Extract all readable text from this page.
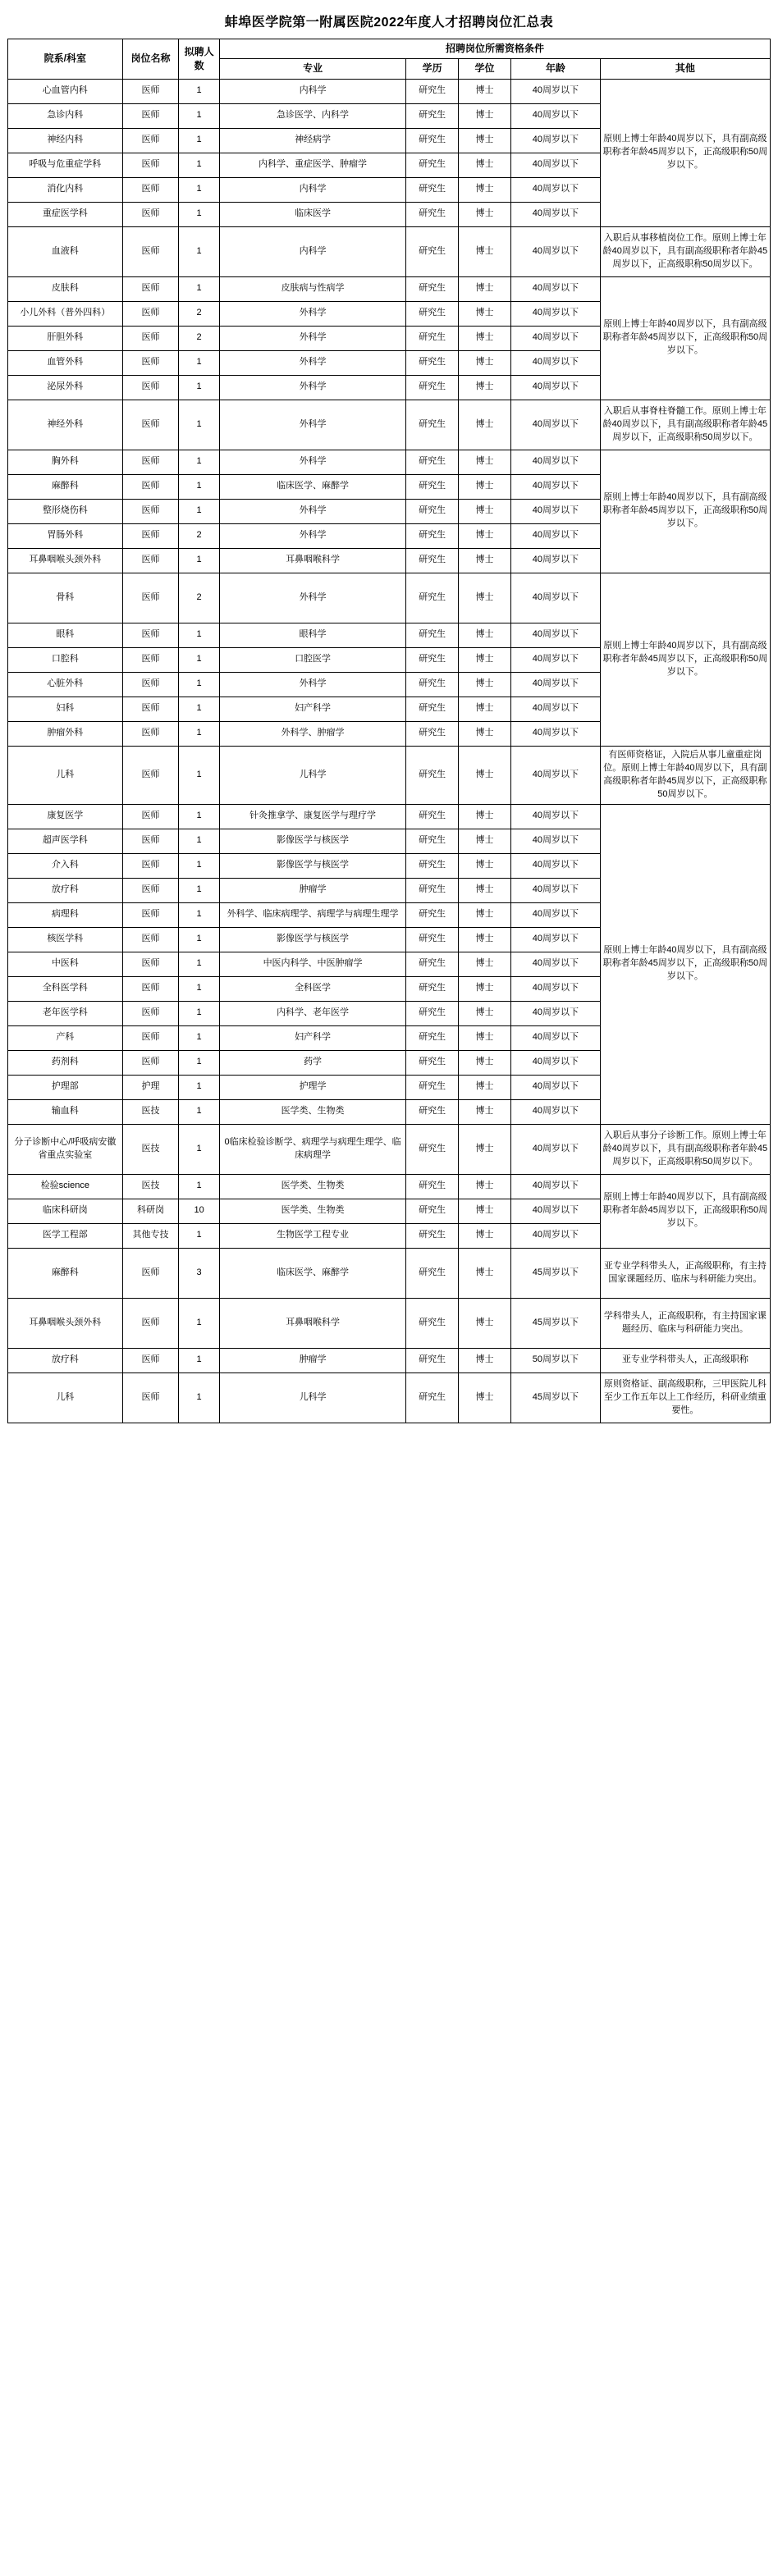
蚌埠医学院第一附属医院2022年度人才招聘岗位汇总表
院系/科室	岗位名称	拟聘人数	招聘岗位所需资格条件				
			专业	学历	学位	年龄	其他
心血管内科	医师	1	内科学	研究生	博士	40周岁以下	原则上博士年龄40周岁以下，具有副高级职称者年龄45周岁以下，正高级职称50周岁以下。
急诊内科	医师	1	急诊医学、内科学	研究生	博士	40周岁以下	
神经内科	医师	1	神经病学	研究生	博士	40周岁以下	
呼吸与危重症学科	医师	1	内科学、重症医学、肿瘤学	研究生	博士	40周岁以下	
消化内科	医师	1	内科学	研究生	博士	40周岁以下	
重症医学科	医师	1	临床医学	研究生	博士	40周岁以下	
血液科	医师	1	内科学	研究生	博士	40周岁以下	入职后从事移植岗位工作。原则上博士年龄40周岁以下，具有副高级职称者年龄45周岁以下，正高级职称50周岁以下。
皮肤科	医师	1	皮肤病与性病学	研究生	博士	40周岁以下	原则上博士年龄40周岁以下，具有副高级职称者年龄45周岁以下，正高级职称50周岁以下。
小儿外科（普外四科）	医师	2	外科学	研究生	博士	40周岁以下	
肝胆外科	医师	2	外科学	研究生	博士	40周岁以下	
血管外科	医师	1	外科学	研究生	博士	40周岁以下	
泌尿外科	医师	1	外科学	研究生	博士	40周岁以下	
神经外科	医师	1	外科学	研究生	博士	40周岁以下	入职后从事脊柱脊髓工作。原则上博士年龄40周岁以下，具有副高级职称者年龄45周岁以下，正高级职称50周岁以下。
胸外科	医师	1	外科学	研究生	博士	40周岁以下	原则上博士年龄40周岁以下，具有副高级职称者年龄45周岁以下，正高级职称50周岁以下。
麻醉科	医师	1	临床医学、麻醉学	研究生	博士	40周岁以下	
整形烧伤科	医师	1	外科学	研究生	博士	40周岁以下	
胃肠外科	医师	2	外科学	研究生	博士	40周岁以下	
耳鼻咽喉头颈外科	医师	1	耳鼻咽喉科学	研究生	博士	40周岁以下	
骨科	医师	2	外科学	研究生	博士	40周岁以下	原则上博士年龄40周岁以下，具有副高级职称者年龄45周岁以下，正高级职称50周岁以下。
眼科	医师	1	眼科学	研究生	博士	40周岁以下	
口腔科	医师	1	口腔医学	研究生	博士	40周岁以下	
心脏外科	医师	1	外科学	研究生	博士	40周岁以下	
妇科	医师	1	妇产科学	研究生	博士	40周岁以下	
肿瘤外科	医师	1	外科学、肿瘤学	研究生	博士	40周岁以下	
儿科	医师	1	儿科学	研究生	博士	40周岁以下	有医师资格证，入院后从事儿童重症岗位。原则上博士年龄40周岁以下，具有副高级职称者年龄45周岁以下，正高级职称50周岁以下。
康复医学	医师	1	针灸推拿学、康复医学与理疗学	研究生	博士	40周岁以下	原则上博士年龄40周岁以下，具有副高级职称者年龄45周岁以下，正高级职称50周岁以下。
超声医学科	医师	1	影像医学与核医学	研究生	博士	40周岁以下	
介入科	医师	1	影像医学与核医学	研究生	博士	40周岁以下	
放疗科	医师	1	肿瘤学	研究生	博士	40周岁以下	
病理科	医师	1	外科学、临床病理学、病理学与病理生理学	研究生	博士	40周岁以下	
核医学科	医师	1	影像医学与核医学	研究生	博士	40周岁以下	
中医科	医师	1	中医内科学、中医肿瘤学	研究生	博士	40周岁以下	
全科医学科	医师	1	全科医学	研究生	博士	40周岁以下	
老年医学科	医师	1	内科学、老年医学	研究生	博士	40周岁以下	
产科	医师	1	妇产科学	研究生	博士	40周岁以下	
药剂科	医师	1	药学	研究生	博士	40周岁以下	
护理部	护理	1	护理学	研究生	博士	40周岁以下	
输血科	医技	1	医学类、生物类	研究生	博士	40周岁以下	
分子诊断中心/呼吸病安徽省重点实验室	医技	1	0临床检验诊断学、病理学与病理生理学、临床病理学	研究生	博士	40周岁以下	入职后从事分子诊断工作。原则上博士年龄40周岁以下，具有副高级职称者年龄45周岁以下，正高级职称50周岁以下。
检验science	医技	1	医学类、生物类	研究生	博士	40周岁以下	原则上博士年龄40周岁以下，具有副高级职称者年龄45周岁以下，正高级职称50周岁以下。
临床科研岗	科研岗	10	医学类、生物类	研究生	博士	40周岁以下	
医学工程部	其他专技	1	生物医学工程专业	研究生	博士	40周岁以下	
麻醉科	医师	3	临床医学、麻醉学	研究生	博士	45周岁以下	亚专业学科带头人，正高级职称，有主持国家课题经历、临床与科研能力突出。
耳鼻咽喉头颈外科	医师	1	耳鼻咽喉科学	研究生	博士	45周岁以下	学科带头人，正高级职称，有主持国家课题经历、临床与科研能力突出。
放疗科	医师	1	肿瘤学	研究生	博士	50周岁以下	亚专业学科带头人，正高级职称
儿科	医师	1	儿科学	研究生	博士	45周岁以下	原则资格证、副高级职称，三甲医院儿科至少工作五年以上工作经历，科研业绩重要性。
